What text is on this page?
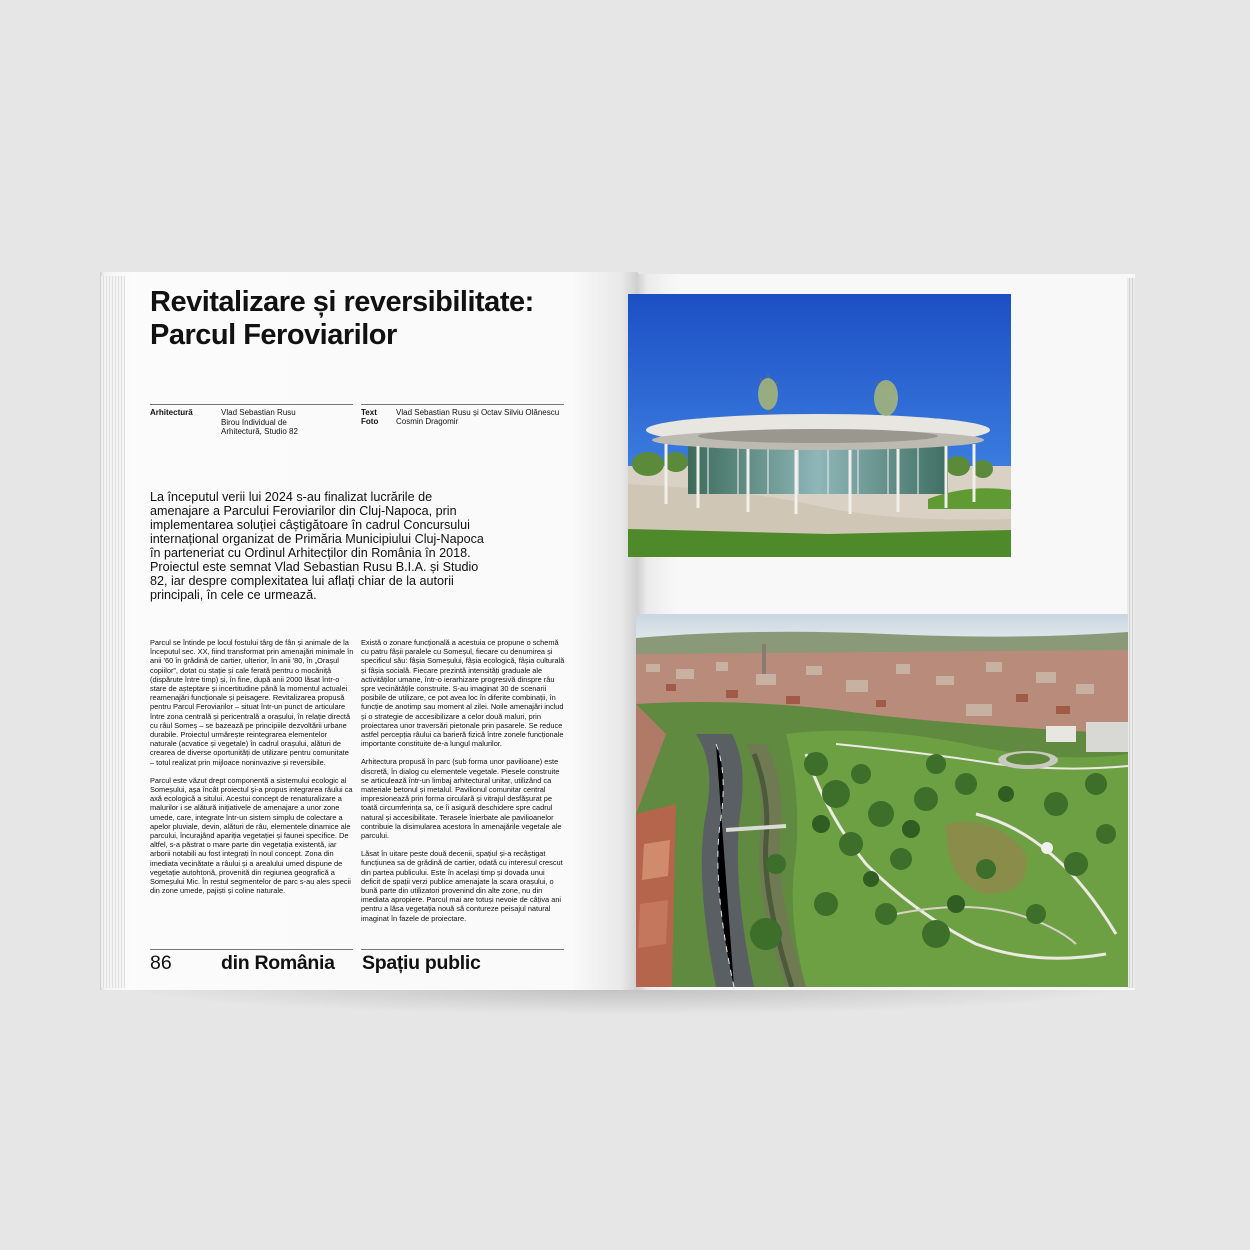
Revitalizare și reversibilitate: Parcul Feroviarilor
Arhitectură	Vlad Sebastian Rusu
Birou Individual de
Arhitectură, Studio 82
Text Vlad Sebastian Rusu și Octav Silviu Olănescu
Foto Cosmin Dragomir

La începutul verii lui 2024 s-au finalizat lucrările de amenajare a Parcului Feroviarilor din Cluj-Napoca, prin implementarea soluției câștigătoare în cadrul Concursului internațional organizat de Primăria Municipiului Cluj-Napoca în parteneriat cu Ordinul Arhitecților din România în 2018. Proiectul este semnat Vlad Sebastian Rusu B.I.A. și Studio 82, iar despre complexitatea lui aflați chiar de la autorii principali, în cele ce urmează.

Parcul se întinde pe locul fostului târg de fân și animale de la începutul sec. XX, fiind transformat prin amenajări minimale în anii '60 în grădină de cartier, ulterior, în anii '80, în „Orașul copiilor”, dotat cu stație și cale ferată pentru o mocăniță (dispărute între timp) și, în fine, după anii 2000 lăsat într-o stare de așteptare și incertitudine până la momentul actualei reamenajări funcționale și peisagere. Revitalizarea propusă pentru Parcul Feroviarilor – situat într-un punct de articulare între zona centrală și pericentrală a orașului, în relație directă cu râul Someș – se bazează pe principiile dezvoltării urbane durabile. Proiectul urmărește reintegrarea elementelor naturale (acvatice și vegetale) în cadrul orașului, alături de crearea de diverse oportunități de utilizare pentru comunitate – totul realizat prin mijloace noninvazive și reversibile.

Parcul este văzut drept componentă a sistemului ecologic al Someșului, așa încât proiectul și-a propus integrarea râului ca axă ecologică a sitului. Acestui concept de renaturalizare a malurilor i se alătură inițiativele de amenajare a unor zone umede, care, integrate într-un sistem simplu de colectare a apelor pluviale, devin, alături de râu, elementele dinamice ale parcului, încurajând apariția vegetației și faunei specifice. De altfel, s-a păstrat o mare parte din vegetația existentă, iar arborii notabili au fost integrați în noul concept. Zona din imediata vecinătate a râului și a arealului umed dispune de vegetație autohtonă, provenită din regiunea geografică a Someșului Mic. În restul segmentelor de parc s-au ales specii din zone umede, pajiști și coline naturale.

Există o zonare funcțională a acestuia ce propune o schemă cu patru fâșii paralele cu Someșul, fiecare cu denumirea și specificul său: fâșia Someșului, fâșia ecologică, fâșia culturală și fâșia socială. Fiecare prezintă intensități graduale ale activităților umane, într-o ierarhizare progresivă dinspre râu spre vecinătățile construite. S-au imaginat 30 de scenarii posibile de utilizare, ce pot avea loc în diferite combinații, în funcție de anotimp sau moment al zilei. Noile amenajări includ și o strategie de accesibilizare a celor două maluri, prin proiectarea unor traversări pietonale prin pasarele. Se reduce astfel percepția râului ca barieră fizică între zonele funcționale importante constituite de-a lungul malurilor.

Arhitectura propusă în parc (sub forma unor pavilioane) este discretă, în dialog cu elementele vegetale. Piesele construite se articulează într-un limbaj arhitectural unitar, utilizând ca materiale betonul și metalul. Pavilionul comunitar central impresionează prin forma circulară și vitrajul desfășurat pe toată circumferința sa, ce îi asigură deschidere spre cadrul natural și accesibilitate. Terasele înierbate ale pavilioanelor contribuie la disimularea acestora în amenajările vegetale ale parcului.

Lăsat în uitare peste două decenii, spațiul și-a recâștigat funcțiunea sa de grădină de cartier, odată cu interesul crescut din partea publicului. Este în același timp și dovada unui deficit de spații verzi publice amenajate la scara orașului, o bună parte din utilizatori provenind din alte zone, nu din imediata apropiere. Parcul mai are totuși nevoie de câțiva ani pentru a lăsa vegetația nouă să contureze peisajul natural imaginat în fazele de proiectare.

86	din România Spațiu public
